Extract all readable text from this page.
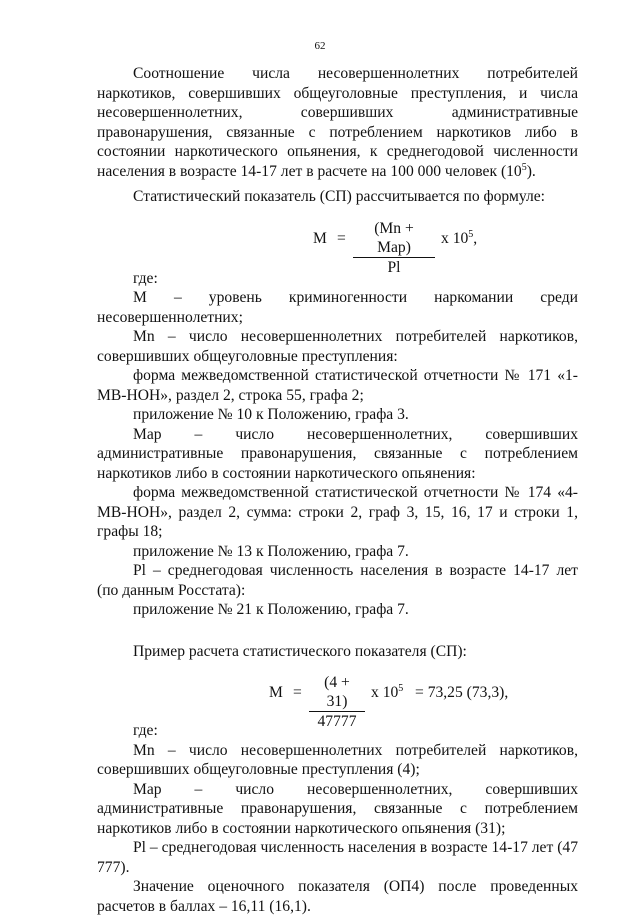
62

Соотношение числа несовершеннолетних потребителей наркотиков, совершивших общеуголовные преступления, и числа несовершеннолетних, совершивших административные правонарушения, связанные с потреблением наркотиков либо в состоянии наркотического опьянения, к среднегодовой численности населения в возрасте 14-17 лет в расчете на 100 000 человек $(10^5)$.

Статистический показатель (СП) рассчитывается по формуле:

M =
(Mn + Map)
Pl
x $10^5$,

где:

M – уровень криминогенности наркомании среди несовершеннолетних;

Mn – число несовершеннолетних потребителей наркотиков, совершивших общеуголовные преступления:

форма межведомственной статистической отчетности № 171 «1-МВ-НОН», раздел 2, строка 55, графа 2;

приложение № 10 к Положению, графа 3.

Map – число несовершеннолетних, совершивших административные правонарушения, связанные с потреблением наркотиков либо в состоянии наркотического опьянения:

форма межведомственной статистической отчетности № 174 «4-МВ-НОН», раздел 2, сумма: строки 2, граф 3, 15, 16, 17 и строки 1, графы 18;

приложение № 13 к Положению, графа 7.

Pl – среднегодовая численность населения в возрасте 14-17 лет (по данным Росстата):

приложение № 21 к Положению, графа 7.

Пример расчета статистического показателя (СП):

$M = \frac{(4 + 31)}{47777}$ x $10^5 = 73,25$ (73,3),

где:

Mn – число несовершеннолетних потребителей наркотиков, совершивших общеуголовные преступления (4);

Map – число несовершеннолетних, совершивших административные правонарушения, связанные с потреблением наркотиков либо в состоянии наркотического опьянения (31);

Pl – среднегодовая численность населения в возрасте 14-17 лет (47 777).

Значение оценочного показателя (ОП4) после проведенных расчетов в баллах – 16,11 (16,1).
